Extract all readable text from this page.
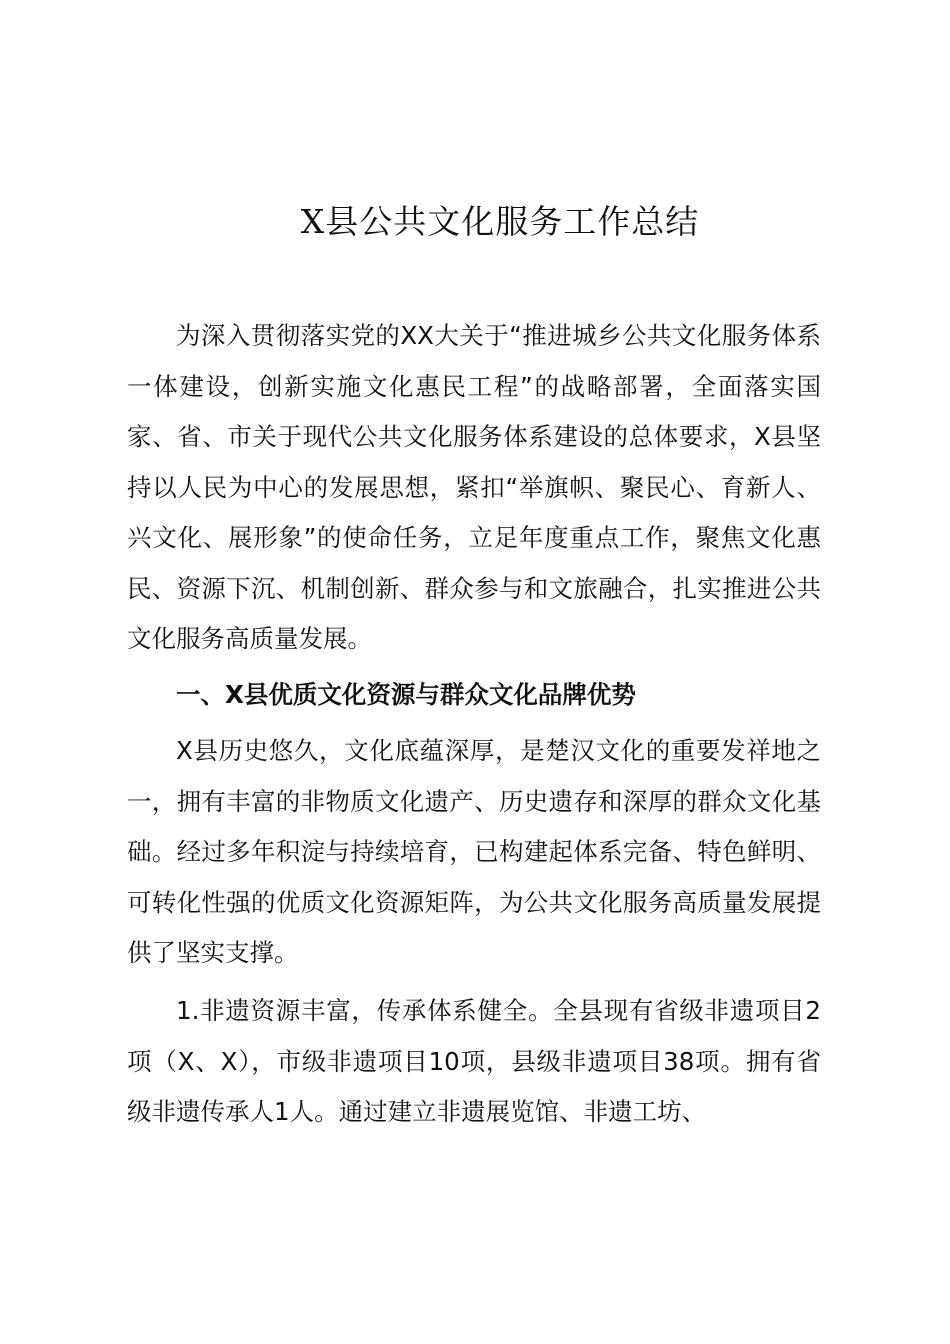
X县公共文化服务工作总结

为深入贯彻落实党的XX大关于“推进城乡公共文化服务体系一体建设，创新实施文化惠民工程”的战略部署，全面落实国家、省、市关于现代公共文化服务体系建设的总体要求，X县坚持以人民为中心的发展思想，紧扣“举旗帜、聚民心、育新人、兴文化、展形象”的使命任务，立足年度重点工作，聚焦文化惠民、资源下沉、机制创新、群众参与和文旅融合，扎实推进公共文化服务高质量发展。

一、X县优质文化资源与群众文化品牌优势

X县历史悠久，文化底蕴深厚，是楚汉文化的重要发祥地之一，拥有丰富的非物质文化遗产、历史遗存和深厚的群众文化基础。经过多年积淀与持续培育，已构建起体系完备、特色鲜明、可转化性强的优质文化资源矩阵，为公共文化服务高质量发展提供了坚实支撑。

1.非遗资源丰富，传承体系健全。全县现有省级非遗项目2项（X、X），市级非遗项目10项，县级非遗项目38项。拥有省级非遗传承人1人。通过建立非遗展览馆、非遗工坊、
